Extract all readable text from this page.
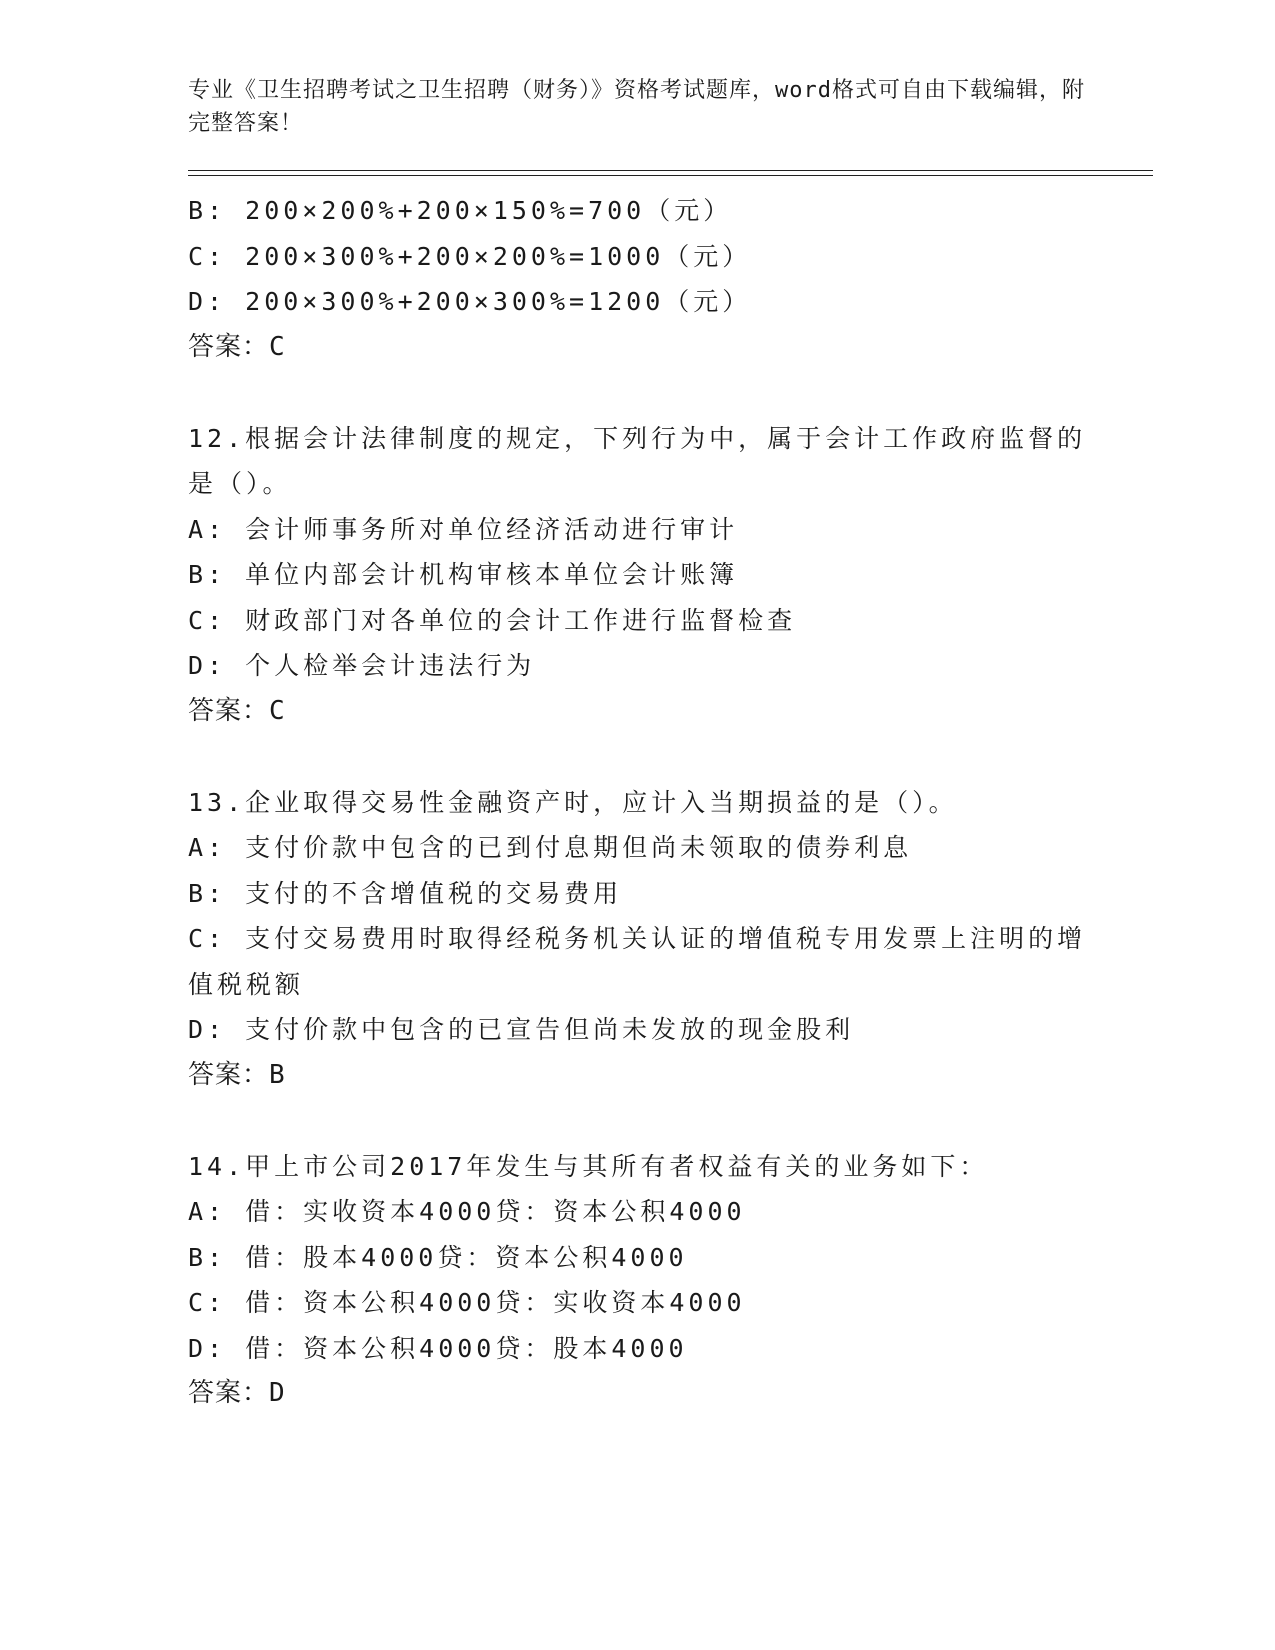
专业《卫生招聘考试之卫生招聘（财务）》资格考试题库，word格式可自由下载编辑，附完整答案！
B: 200×200%+200×150%=700（元）
C: 200×300%+200×200%=1000（元）
D: 200×300%+200×300%=1200（元）
答案：C
12.根据会计法律制度的规定，下列行为中，属于会计工作政府监督的是（）。
A: 会计师事务所对单位经济活动进行审计
B: 单位内部会计机构审核本单位会计账簿
C: 财政部门对各单位的会计工作进行监督检查
D: 个人检举会计违法行为
答案：C
13.企业取得交易性金融资产时，应计入当期损益的是（）。
A: 支付价款中包含的已到付息期但尚未领取的债券利息
B: 支付的不含增值税的交易费用
C: 支付交易费用时取得经税务机关认证的增值税专用发票上注明的增值税税额
D: 支付价款中包含的已宣告但尚未发放的现金股利
答案：B
14.甲上市公司2017年发生与其所有者权益有关的业务如下：
A: 借：实收资本4000贷：资本公积4000
B: 借：股本4000贷：资本公积4000
C: 借：资本公积4000贷：实收资本4000
D: 借：资本公积4000贷：股本4000
答案：D
